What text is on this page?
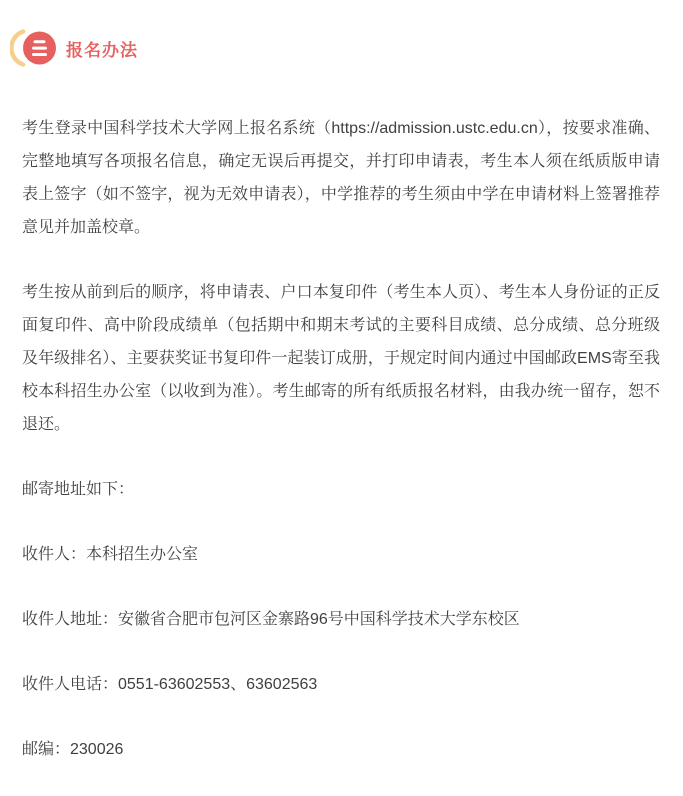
报名办法

考生登录中国科学技术大学网上报名系统（https://admission.ustc.edu.cn），按要求准确、完整地填写各项报名信息，确定无误后再提交，并打印申请表，考生本人须在纸质版申请表上签字（如不签字，视为无效申请表），中学推荐的考生须由中学在申请材料上签署推荐意见并加盖校章。

考生按从前到后的顺序，将申请表、户口本复印件（考生本人页）、考生本人身份证的正反面复印件、高中阶段成绩单（包括期中和期末考试的主要科目成绩、总分成绩、总分班级及年级排名）、主要获奖证书复印件一起装订成册，于规定时间内通过中国邮政EMS寄至我校本科招生办公室（以收到为准）。考生邮寄的所有纸质报名材料，由我办统一留存，恕不退还。

邮寄地址如下：

收件人：本科招生办公室

收件人地址：安徽省合肥市包河区金寨路96号中国科学技术大学东校区

收件人电话：0551-63602553、63602563

邮编：230026
